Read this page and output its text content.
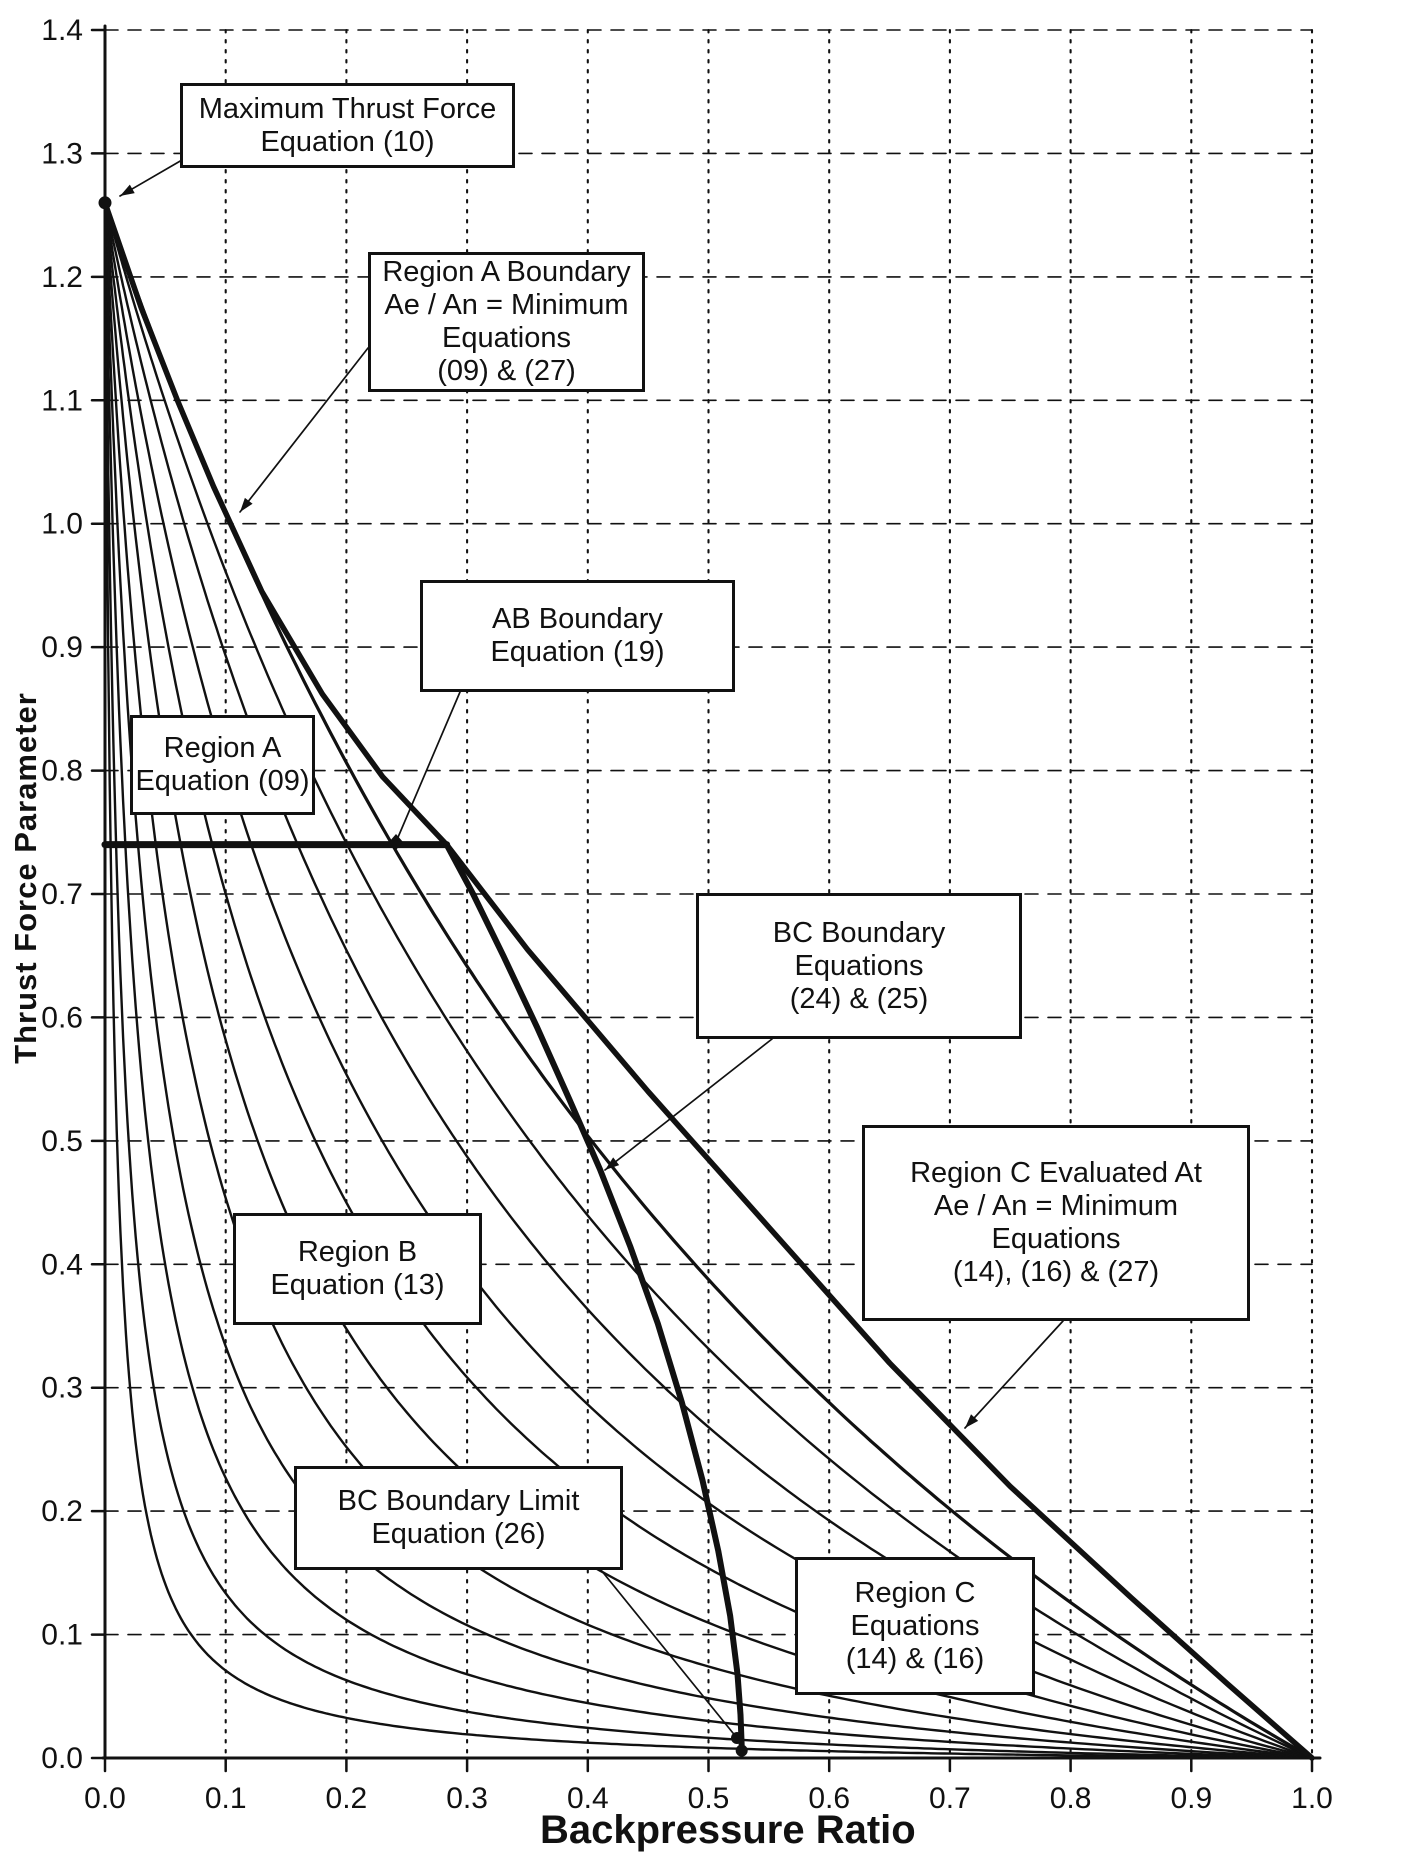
0.0	0.1	0.2	0.3	0.4	0.5	0.6	0.7	0.8	0.9	1.0
0.0
0.1
0.2
0.3
0.4
0.5
0.6
0.7
0.8
0.9
1.0
1.1
1.2
1.3
1.4
Thrust Force Parameter
Backpressure Ratio
Maximum Thrust Force
Equation (10)
Region A Boundary
Ae / An = Minimum
Equations
(09) & (27)
AB Boundary
Equation (19)
Region A
Equation (09)
BC Boundary
Equations
(24) & (25)
Region C Evaluated At
Ae / An = Minimum
Equations
(14), (16) & (27)
Region B
Equation (13)
BC Boundary Limit
Equation (26)
Region C
Equations
(14) & (16)
